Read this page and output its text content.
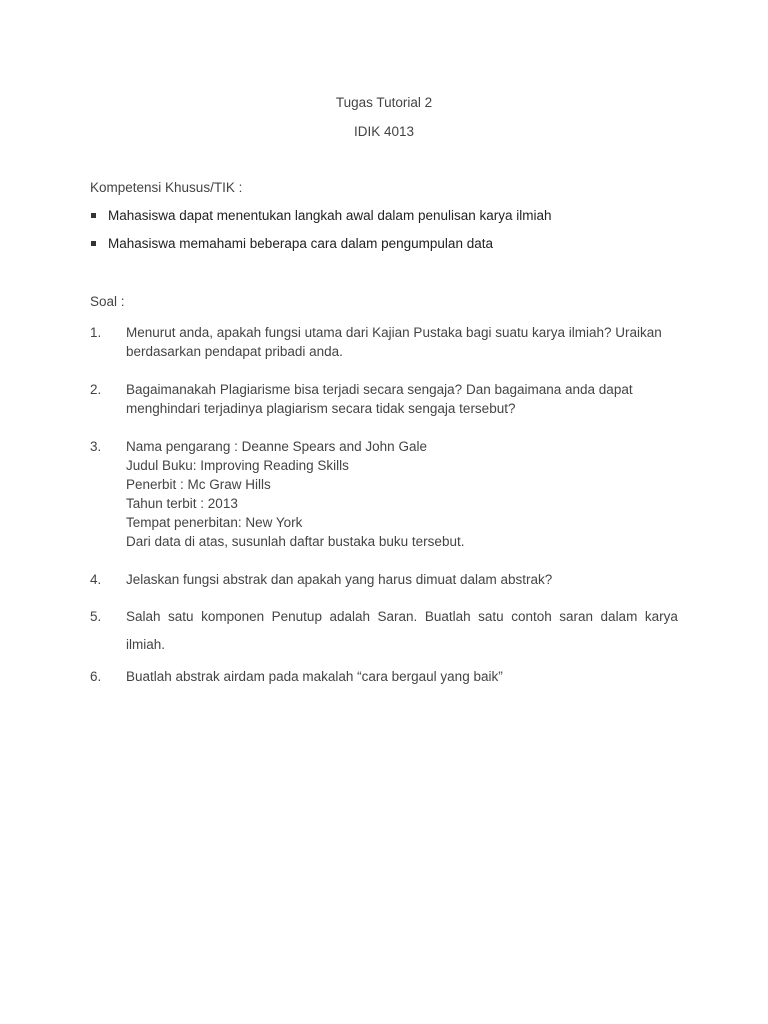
Tugas Tutorial 2
IDIK 4013
Kompetensi Khusus/TIK :
Mahasiswa dapat menentukan langkah awal dalam penulisan karya ilmiah
Mahasiswa memahami beberapa cara dalam pengumpulan data
Soal :
1. Menurut anda, apakah fungsi utama dari Kajian Pustaka bagi suatu karya ilmiah? Uraikan
berdasarkan pendapat pribadi anda.
2. Bagaimanakah Plagiarisme bisa terjadi secara sengaja? Dan bagaimana anda dapat
menghindari terjadinya plagiarism secara tidak sengaja tersebut?
3. Nama pengarang : Deanne Spears and John Gale
Judul Buku: Improving Reading Skills
Penerbit : Mc Graw Hills
Tahun terbit : 2013
Tempat penerbitan: New York
Dari data di atas, susunlah daftar bustaka buku tersebut.
4. Jelaskan fungsi abstrak dan apakah yang harus dimuat dalam abstrak?
5. Salah satu komponen Penutup adalah Saran. Buatlah satu contoh saran dalam karya
ilmiah.
6. Buatlah abstrak airdam pada makalah “cara bergaul yang baik”
